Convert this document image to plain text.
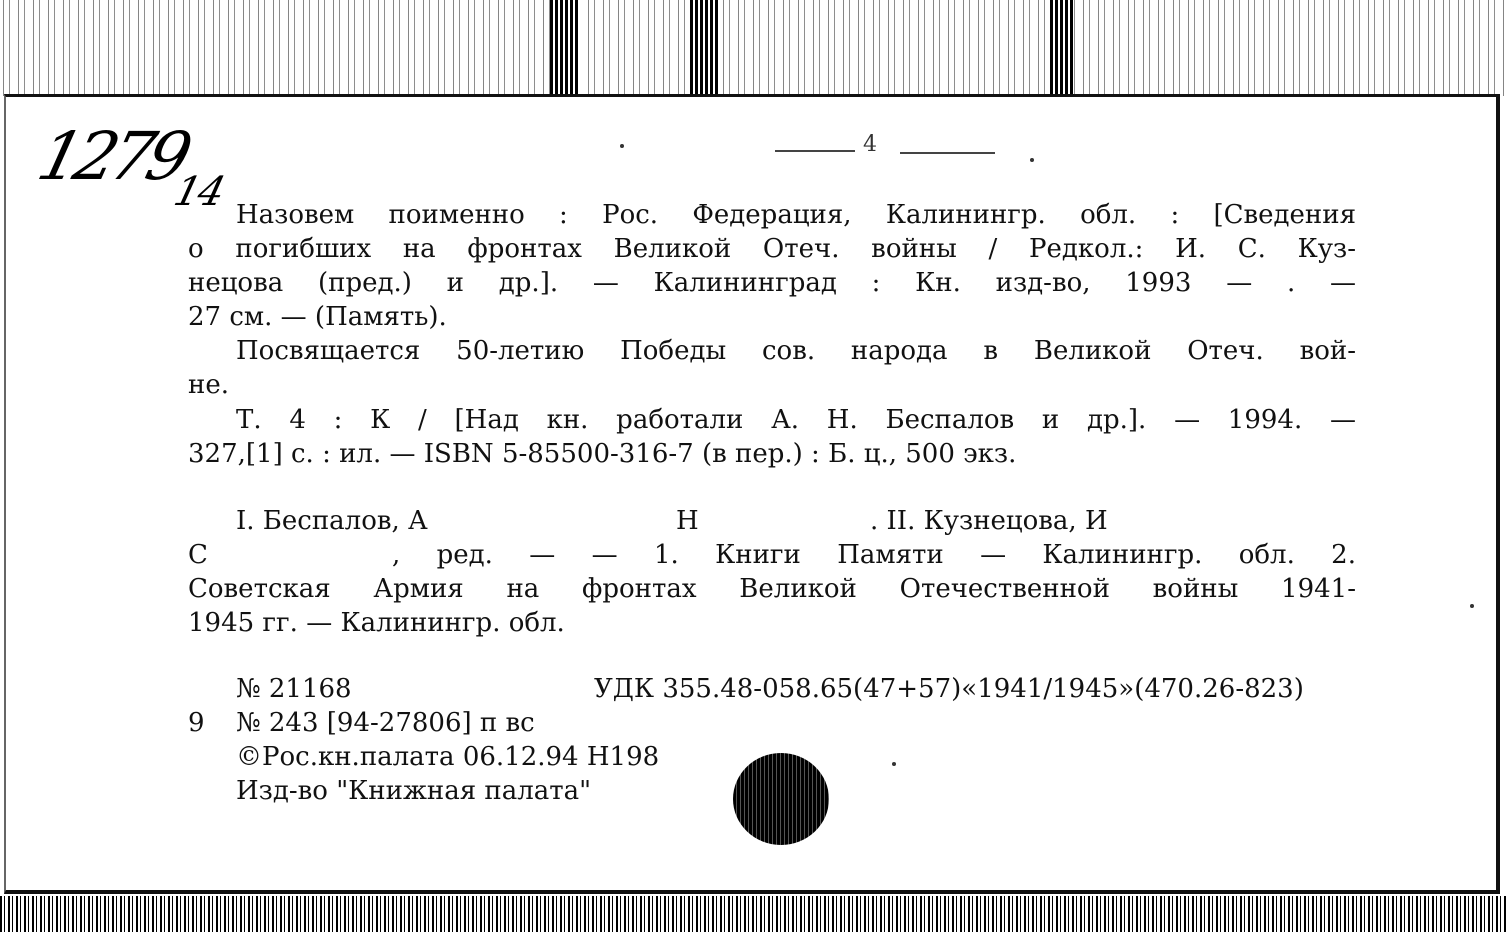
$1279_{14}$
4
Назовем поименно : Рос. Федерация, Калинингр. обл. : [Сведения
о погибших на фронтах Великой Отеч. войны / Редкол.: И. С. Куз-
нецова (пред.) и др.]. — Калининград : Кн. изд-во, 1993 — . —
27 см. — (Память).
Посвящается 50-летию Победы сов. народа в Великой Отеч. вой-
не.
Т. 4 : К / [Над кн. работали А. Н. Беспалов и др.]. — 1994. —
327,[1] с. : ил. — ISBN 5-85500-316-7 (в пер.) : Б. ц., 500 экз.
I. Беспалов, А	Н	. II. Кузнецова, И
С	, ред. — — 1. Книги Памяти — Калинингр. обл. 2.
Советская Армия на фронтах Великой Отечественной войны 1941-
1945 гг. — Калинингр. обл.
№ 21168	УДК 355.48-058.65(47+57)«1941/1945»(470.26-823)
9 № 243 [94-27806] п вс
©Рос.кн.палата 06.12.94 Н198
Изд-во "Книжная палата"
